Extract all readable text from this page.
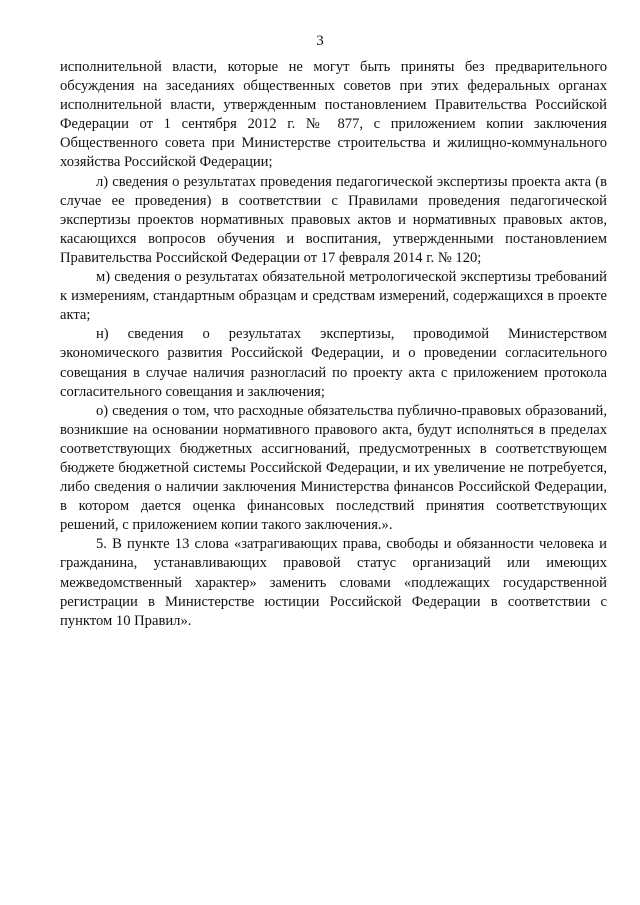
3

исполнительной власти, которые не могут быть приняты без предварительного обсуждения на заседаниях общественных советов при этих федеральных органах исполнительной власти, утвержденным постановлением Правительства Российской Федерации от 1 сентября 2012 г. № 877, с приложением копии заключения Общественного совета при Министерстве строительства и жилищно-коммунального хозяйства Российской Федерации;

л) сведения о результатах проведения педагогической экспертизы проекта акта (в случае ее проведения) в соответствии с Правилами проведения педагогической экспертизы проектов нормативных правовых актов и нормативных правовых актов, касающихся вопросов обучения и воспитания, утвержденными постановлением Правительства Российской Федерации от 17 февраля 2014 г. № 120;

м) сведения о результатах обязательной метрологической экспертизы требований к измерениям, стандартным образцам и средствам измерений, содержащихся в проекте акта;

н) сведения о результатах экспертизы, проводимой Министерством экономического развития Российской Федерации, и о проведении согласительного совещания в случае наличия разногласий по проекту акта с приложением протокола согласительного совещания и заключения;

о) сведения о том, что расходные обязательства публично-правовых образований, возникшие на основании нормативного правового акта, будут исполняться в пределах соответствующих бюджетных ассигнований, предусмотренных в соответствующем бюджете бюджетной системы Российской Федерации, и их увеличение не потребуется, либо сведения о наличии заключения Министерства финансов Российской Федерации, в котором дается оценка финансовых последствий принятия соответствующих решений, с приложением копии такого заключения.».

5. В пункте 13 слова «затрагивающих права, свободы и обязанности человека и гражданина, устанавливающих правовой статус организаций или имеющих межведомственный характер» заменить словами «подлежащих государственной регистрации в Министерстве юстиции Российской Федерации в соответствии с пунктом 10 Правил».
